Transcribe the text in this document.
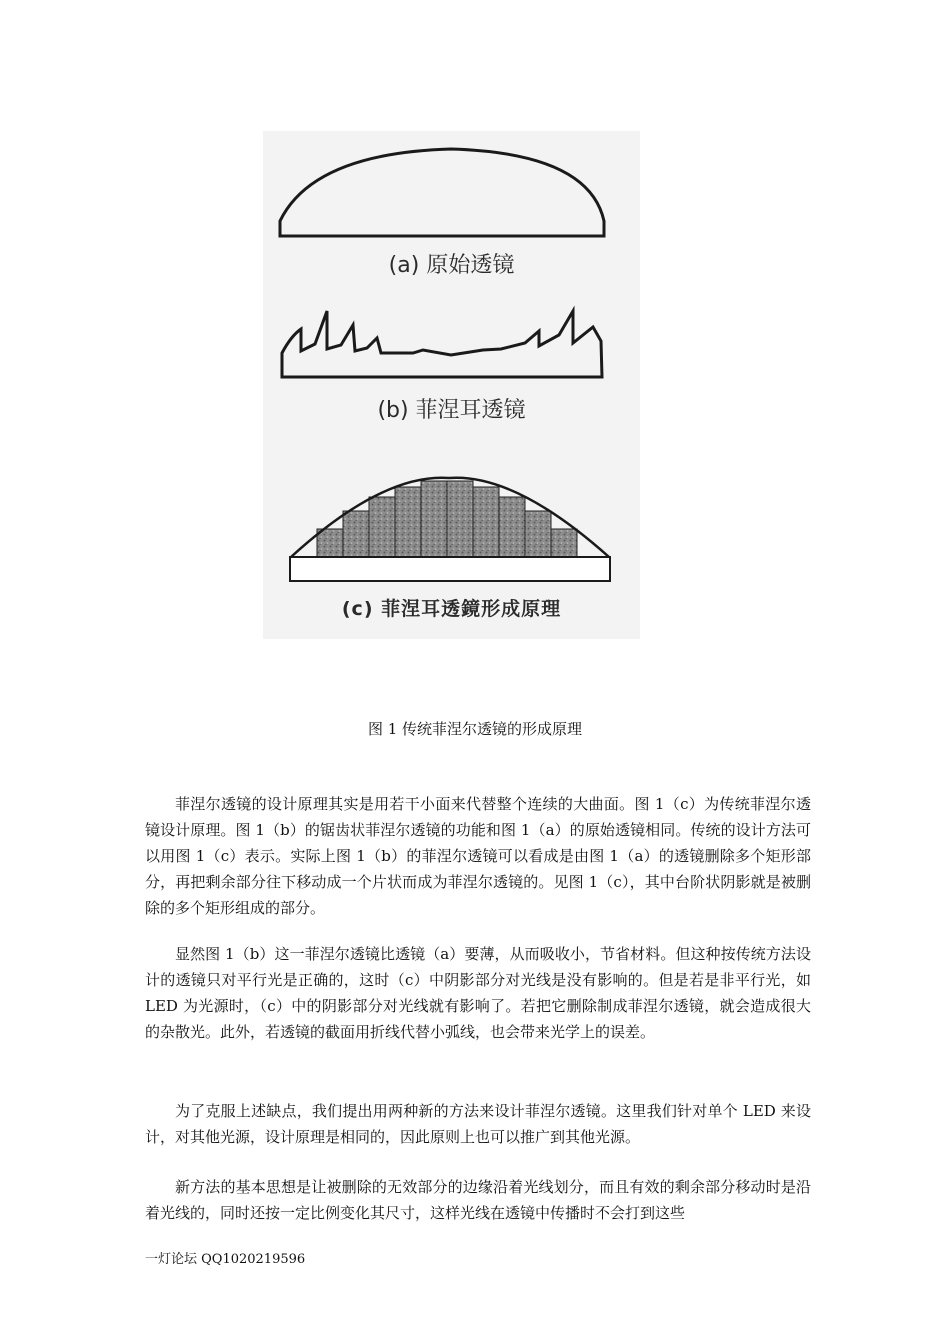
(a) 原始透镜
(b) 菲涅耳透镜
(c) 菲涅耳透鏡形成原理
图 1 传统菲涅尔透镜的形成原理

菲涅尔透镜的设计原理其实是用若干小面来代替整个连续的大曲面。图 1（c）为传统菲涅尔透镜设计原理。图 1（b）的锯齿状菲涅尔透镜的功能和图 1（a）的原始透镜相同。传统的设计方法可以用图 1（c）表示。实际上图 1（b）的菲涅尔透镜可以看成是由图 1（a）的透镜删除多个矩形部分，再把剩余部分往下移动成一个片状而成为菲涅尔透镜的。见图 1（c），其中台阶状阴影就是被删除的多个矩形组成的部分。

显然图 1（b）这一菲涅尔透镜比透镜（a）要薄，从而吸收小，节省材料。但这种按传统方法设计的透镜只对平行光是正确的，这时（c）中阴影部分对光线是没有影响的。但是若是非平行光，如 LED 为光源时，（c）中的阴影部分对光线就有影响了。若把它删除制成菲涅尔透镜，就会造成很大的杂散光。此外，若透镜的截面用折线代替小弧线，也会带来光学上的误差。

为了克服上述缺点，我们提出用两种新的方法来设计菲涅尔透镜。这里我们针对单个 LED 来设计，对其他光源，设计原理是相同的，因此原则上也可以推广到其他光源。

新方法的基本思想是让被删除的无效部分的边缘沿着光线划分，而且有效的剩余部分移动时是沿着光线的，同时还按一定比例变化其尺寸，这样光线在透镜中传播时不会打到这些

一灯论坛 QQ1020219596
